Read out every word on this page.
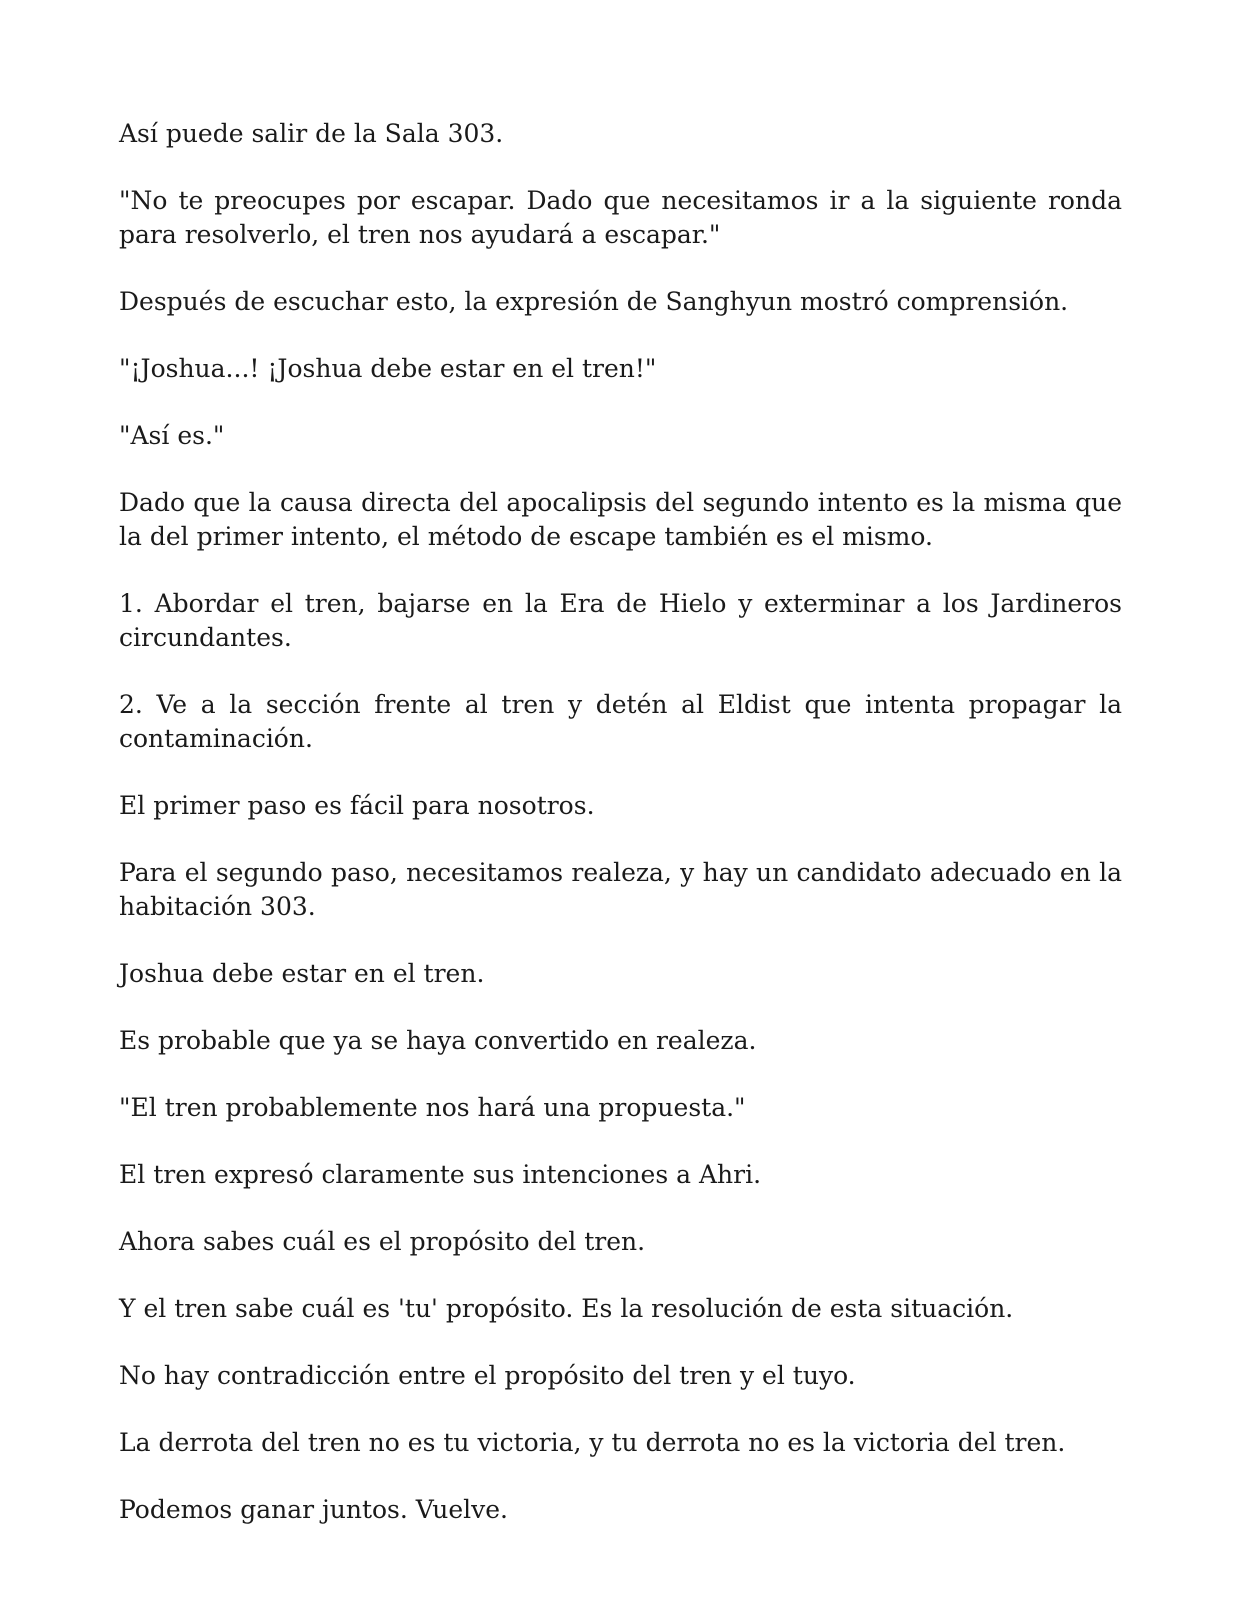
Así puede salir de la Sala 303.

"No te preocupes por escapar. Dado que necesitamos ir a la siguiente ronda para resolverlo, el tren nos ayudará a escapar."

Después de escuchar esto, la expresión de Sanghyun mostró comprensión.

"¡Joshua...! ¡Joshua debe estar en el tren!"

"Así es."

Dado que la causa directa del apocalipsis del segundo intento es la misma que la del primer intento, el método de escape también es el mismo.

1. Abordar el tren, bajarse en la Era de Hielo y exterminar a los Jardineros circundantes.

2. Ve a la sección frente al tren y detén al Eldist que intenta propagar la contaminación.

El primer paso es fácil para nosotros.

Para el segundo paso, necesitamos realeza, y hay un candidato adecuado en la habitación 303.

Joshua debe estar en el tren.

Es probable que ya se haya convertido en realeza.

"El tren probablemente nos hará una propuesta."

El tren expresó claramente sus intenciones a Ahri.

Ahora sabes cuál es el propósito del tren.

Y el tren sabe cuál es 'tu' propósito. Es la resolución de esta situación.

No hay contradicción entre el propósito del tren y el tuyo.

La derrota del tren no es tu victoria, y tu derrota no es la victoria del tren.

Podemos ganar juntos. Vuelve.
